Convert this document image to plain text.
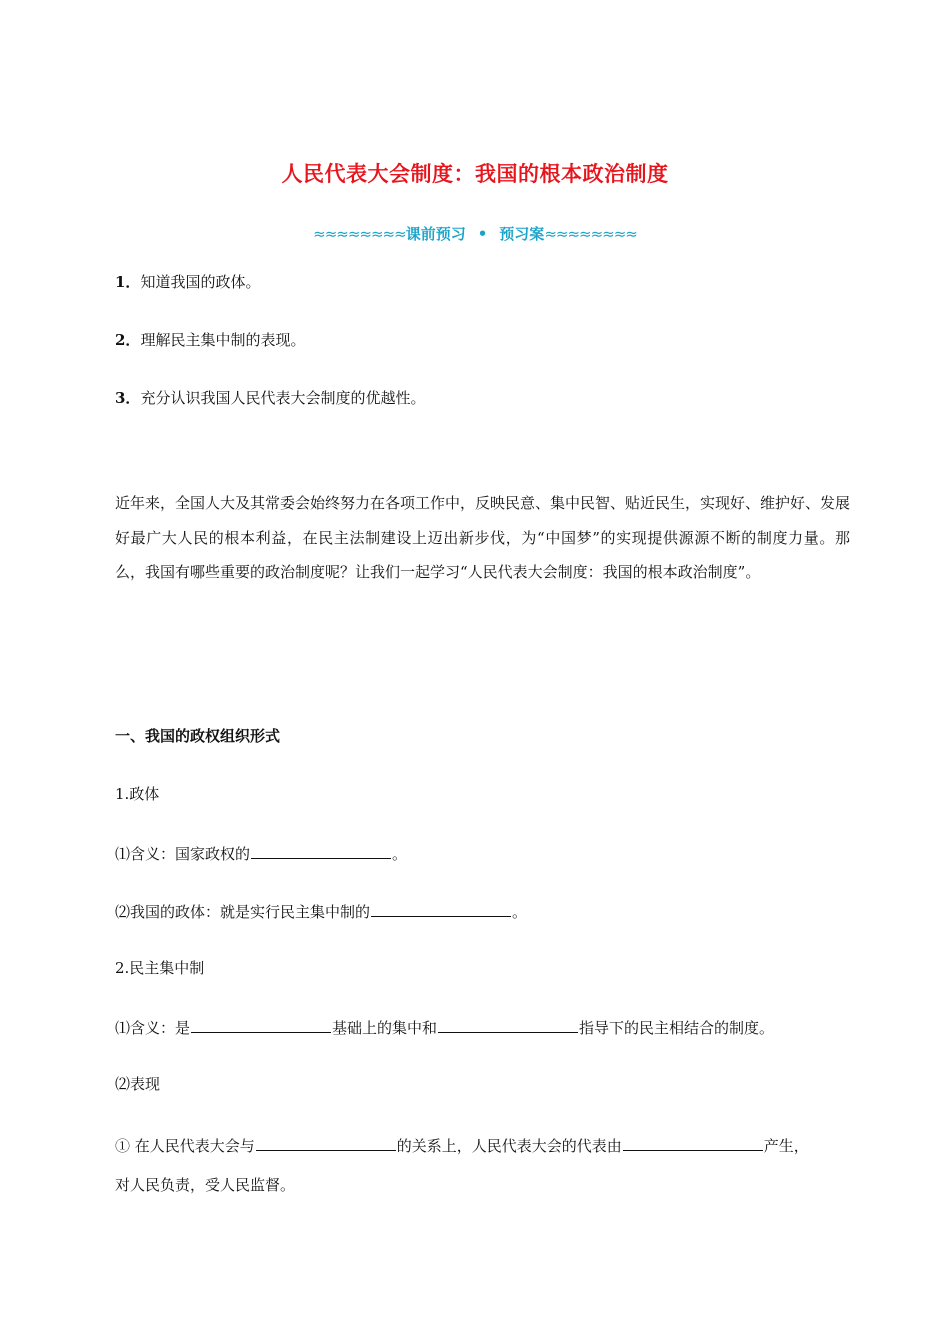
人民代表大会制度：我国的根本政治制度
≈≈≈≈≈≈≈≈课前预习 • 预习案≈≈≈≈≈≈≈≈
1．知道我国的政体。
2．理解民主集中制的表现。
3．充分认识我国人民代表大会制度的优越性。
近年来，全国人大及其常委会始终努力在各项工作中，反映民意、集中民智、贴近民生，实现好、维护好、发展好最广大人民的根本利益，在民主法制建设上迈出新步伐，为“中国梦”的实现提供源源不断的制度力量。那么，我国有哪些重要的政治制度呢？让我们一起学习“人民代表大会制度：我国的根本政治制度”。
一、我国的政权组织形式
1.政体
⑴含义：国家政权的	。
⑵我国的政体：就是实行民主集中制的	。
2.民主集中制
⑴含义：是	基础上的集中和	指导下的民主相结合的制度。
⑵表现
① 在人民代表大会与	的关系上，人民代表大会的代表由	产生，
对人民负责，受人民监督。
